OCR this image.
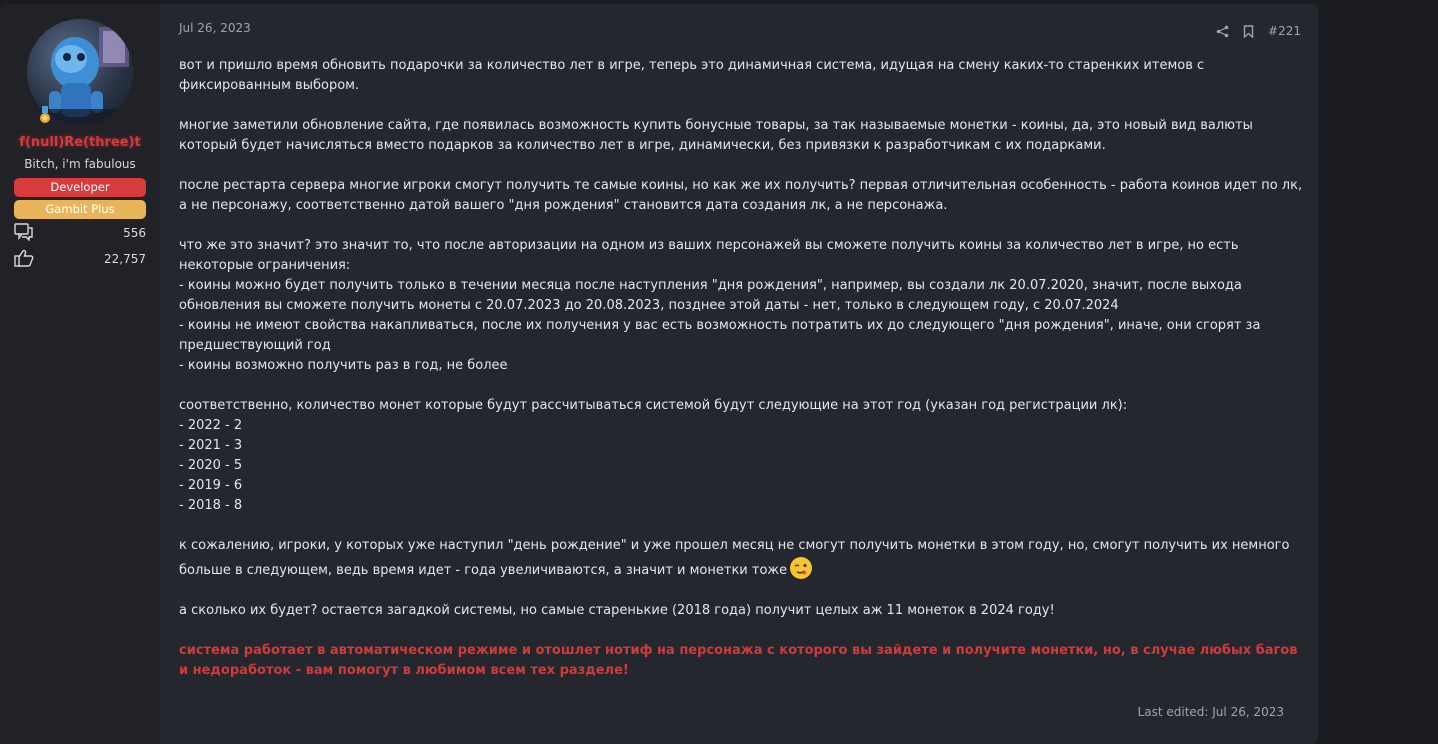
f(null)Re(three)t
Bitch, i'm fabulous
Developer
Gambit Plus
556
22,757
Jul 26, 2023	#221

вот и пришло время обновить подарочки за количество лет в игре, теперь это динамичная система, идущая на смену каких-то старенких итемов с фиксированным выбором.

многие заметили обновление сайта, где появилась возможность купить бонусные товары, за так называемые монетки - коины, да, это новый вид валюты который будет начисляться вместо подарков за количество лет в игре, динамически, без привязки к разработчикам с их подарками.

после рестарта сервера многие игроки смогут получить те самые коины, но как же их получить? первая отличительная особенность - работа коинов идет по лк, а не персонажу, соответственно датой вашего "дня рождения" становится дата создания лк, а не персонажа.

что же это значит? это значит то, что после авторизации на одном из ваших персонажей вы сможете получить коины за количество лет в игре, но есть некоторые ограничения:

- коины можно будет получить только в течении месяца после наступления "дня рождения", например, вы создали лк 20.07.2020, значит, после выхода обновления вы сможете получить монеты с 20.07.2023 до 20.08.2023, позднее этой даты - нет, только в следующем году, с 20.07.2024

- коины не имеют свойства накапливаться, после их получения у вас есть возможность потратить их до следующего "дня рождения", иначе, они сгорят за предшествующий год

- коины возможно получить раз в год, не более

соответственно, количество монет которые будут рассчитываться системой будут следующие на этот год (указан год регистрации лк):

- 2022 - 2

- 2021 - 3

- 2020 - 5

- 2019 - 6

- 2018 - 8

к сожалению, игроки, у которых уже наступил "день рождение" и уже прошел месяц не смогут получить монетки в этом году, но, смогут получить их немного больше в следующем, ведь время идет - года увеличиваются, а значит и монетки тоже

а сколько их будет? остается загадкой системы, но самые старенькие (2018 года) получит целых аж 11 монеток в 2024 году!

система работает в автоматическом режиме и отошлет нотиф на персонажа с которого вы зайдете и получите монетки, но, в случае любых багов и недоработок - вам помогут в любимом всем тех разделе!

Last edited: Jul 26, 2023
